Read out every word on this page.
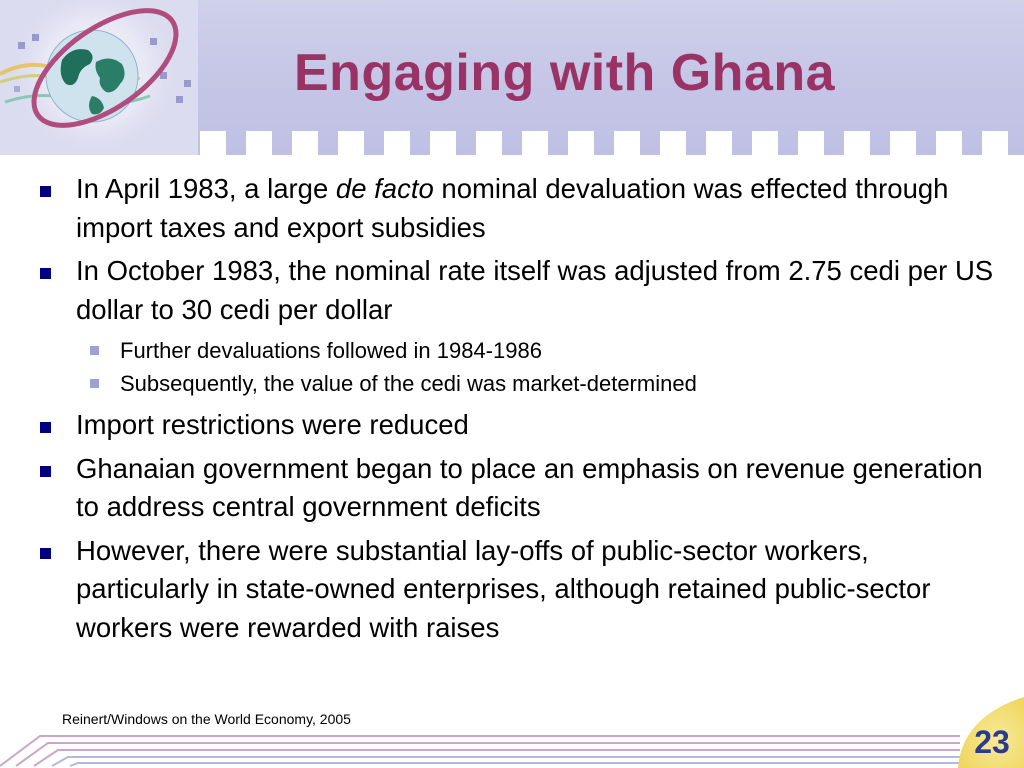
Engaging with Ghana

In April 1983, a large de facto nominal devaluation was effected through import taxes and export subsidies

In October 1983, the nominal rate itself was adjusted from 2.75 cedi per US dollar to 30 cedi per dollar

Further devaluations followed in 1984-1986

Subsequently, the value of the cedi was market-determined

Import restrictions were reduced

Ghanaian government began to place an emphasis on revenue generation to address central government deficits

However, there were substantial lay-offs of public-sector workers, particularly in state-owned enterprises, although retained public-sector workers were rewarded with raises

Reinert/Windows on the World Economy, 2005
23
